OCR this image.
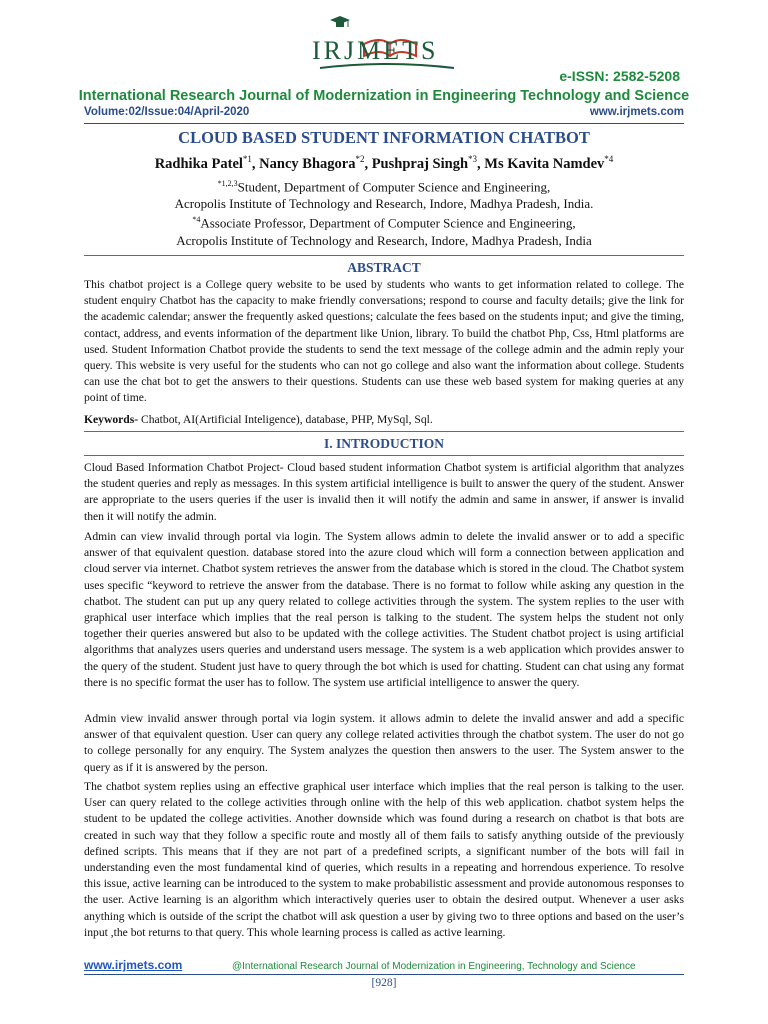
IRJMETS
e-ISSN: 2582-5208
International Research Journal of Modernization in Engineering Technology and Science
Volume:02/Issue:04/April-2020	www.irjmets.com
CLOUD BASED STUDENT INFORMATION CHATBOT
Radhika Patel$^{*1}$, Nancy Bhagora$^{*2}$, Pushpraj Singh$^{*3}$, Ms Kavita Namdev$^{*4}$
$^{*1,2,3}$Student, Department of Computer Science and Engineering,
Acropolis Institute of Technology and Research, Indore, Madhya Pradesh, India.
$^{*4}$Associate Professor, Department of Computer Science and Engineering,
Acropolis Institute of Technology and Research, Indore, Madhya Pradesh, India
ABSTRACT

This chatbot project is a College query website to be used by students who wants to get information related to college. The student enquiry Chatbot has the capacity to make friendly conversations; respond to course and faculty details; give the link for the academic calendar; answer the frequently asked questions; calculate the fees based on the students input; and give the timing, contact, address, and events information of the department like Union, library. To build the chatbot Php, Css, Html platforms are used. Student Information Chatbot provide the students to send the text message of the college admin and the admin reply your query. This website is very useful for the students who can not go college and also want the information about college. Students can use the chat bot to get the answers to their questions. Students can use these web based system for making queries at any point of time.

Keywords- Chatbot, AI(Artificial Inteligence), database, PHP, MySql, Sql.
I. INTRODUCTION

Cloud Based Information Chatbot Project- Cloud based student information Chatbot system is artificial algorithm that analyzes the student queries and reply as messages. In this system artificial intelligence is built to answer the query of the student. Answer are appropriate to the users queries if the user is invalid then it will notify the admin and same in answer, if answer is invalid then it will notify the admin.

Admin can view invalid through portal via login. The System allows admin to delete the invalid answer or to add a specific answer of that equivalent question. database stored into the azure cloud which will form a connection between application and cloud server via internet. Chatbot system retrieves the answer from the database which is stored in the cloud. The Chatbot system uses specific “keyword to retrieve the answer from the database. There is no format to follow while asking any question in the chatbot. The student can put up any query related to college activities through the system. The system replies to the user with graphical user interface which implies that the real person is talking to the student. The system helps the student not only together their queries answered but also to be updated with the college activities. The Student chatbot project is using artificial algorithms that analyzes users queries and understand users message. The system is a web application which provides answer to the query of the student. Student just have to query through the bot which is used for chatting. Student can chat using any format there is no specific format the user has to follow. The system use artificial intelligence to answer the query.

Admin view invalid answer through portal via login system. it allows admin to delete the invalid answer and add a specific answer of that equivalent question. User can query any college related activities through the chatbot system. The user do not go to college personally for any enquiry. The System analyzes the question then answers to the user. The System answer to the query as if it is answered by the person.

The chatbot system replies using an effective graphical user interface which implies that the real person is talking to the user. User can query related to the college activities through online with the help of this web application. chatbot system helps the student to be updated the college activities. Another downside which was found during a research on chatbot is that bots are created in such way that they follow a specific route and mostly all of them fails to satisfy anything outside of the previously defined scripts. This means that if they are not part of a predefined scripts, a significant number of the bots will fail in understanding even the most fundamental kind of queries, which results in a repeating and horrendous experience. To resolve this issue, active learning can be introduced to the system to make probabilistic assessment and provide autonomous responses to the user. Active learning is an algorithm which interactively queries user to obtain the desired output. Whenever a user asks anything which is outside of the script the chatbot will ask question a user by giving two to three options and based on the user’s input ,the bot returns to that query. This whole learning process is called as active learning.

www.irjmets.com	@International Research Journal of Modernization in Engineering, Technology and Science
[928]
